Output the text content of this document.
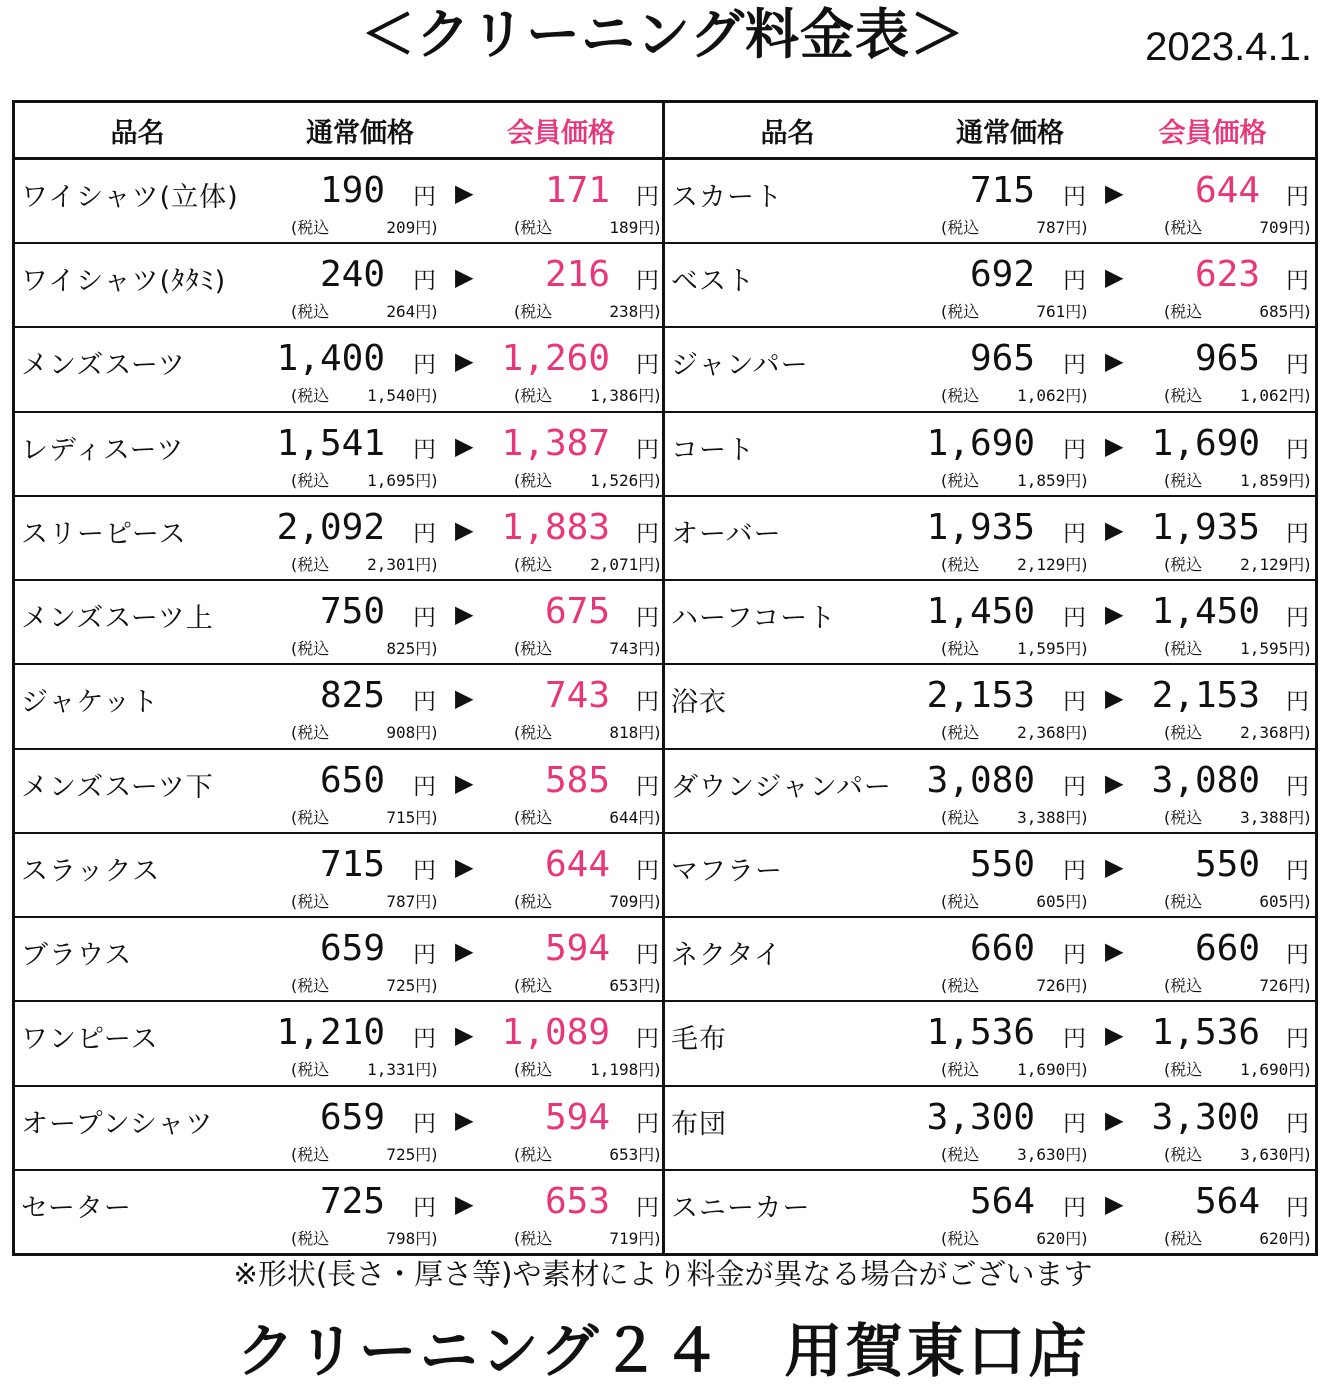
＜クリーニング料金表＞	2023.4.1.
品名	通常価格	会員価格
ワイシャツ(立体)	190 円 ▶	171 円
(税込	209円)	(税込	189円)
ワイシャツ(ﾀﾀﾐ)	240 円 ▶	216 円
(税込	264円)	(税込	238円)
メンズスーツ	1,400 円 ▶ 1,260 円
(税込 1,540円)	(税込 1,386円)
レディスーツ	1,541 円 ▶ 1,387 円
(税込 1,695円)	(税込 1,526円)
スリーピース	2,092 円 ▶ 1,883 円
(税込 2,301円)	(税込 2,071円)
メンズスーツ上	750 円 ▶	675 円
(税込	825円)	(税込	743円)
ジャケット	825 円 ▶	743 円
(税込	908円)	(税込	818円)
メンズスーツ下	650 円 ▶	585 円
(税込	715円)	(税込	644円)
スラックス	715 円 ▶	644 円
(税込	787円)	(税込	709円)
ブラウス	659 円 ▶	594 円
(税込	725円)	(税込	653円)
ワンピース	1,210 円 ▶ 1,089 円
(税込 1,331円)	(税込 1,198円)
オープンシャツ	659 円 ▶	594 円
(税込	725円)	(税込	653円)
セーター	725 円 ▶	653 円
(税込	798円)	(税込	719円)
品名	通常価格	会員価格
スカート	715 円 ▶	644 円
(税込	787円)	(税込	709円)
ベスト	692 円 ▶	623 円
(税込	761円)	(税込	685円)
ジャンパー	965 円 ▶	965 円
(税込 1,062円)	(税込 1,062円)
コート	1,690 円 ▶ 1,690 円
(税込 1,859円)	(税込 1,859円)
オーバー	1,935 円 ▶ 1,935 円
(税込 2,129円)	(税込 2,129円)
ハーフコート	1,450 円 ▶ 1,450 円
(税込 1,595円)	(税込 1,595円)
浴衣	2,153 円 ▶ 2,153 円
(税込 2,368円)	(税込 2,368円)
ダウンジャンパー 3,080 円 ▶ 3,080 円
(税込 3,388円)	(税込 3,388円)
マフラー	550 円 ▶	550 円
(税込	605円)	(税込	605円)
ネクタイ	660 円 ▶	660 円
(税込	726円)	(税込	726円)
毛布	1,536 円 ▶ 1,536 円
(税込 1,690円)	(税込 1,690円)
布団	3,300 円 ▶ 3,300 円
(税込 3,630円)	(税込 3,630円)
スニーカー	564 円 ▶	564 円
(税込	620円)	(税込	620円)
※形状(長さ・厚さ等)や素材により料金が異なる場合がございます
クリーニング２４　用賀東口店
